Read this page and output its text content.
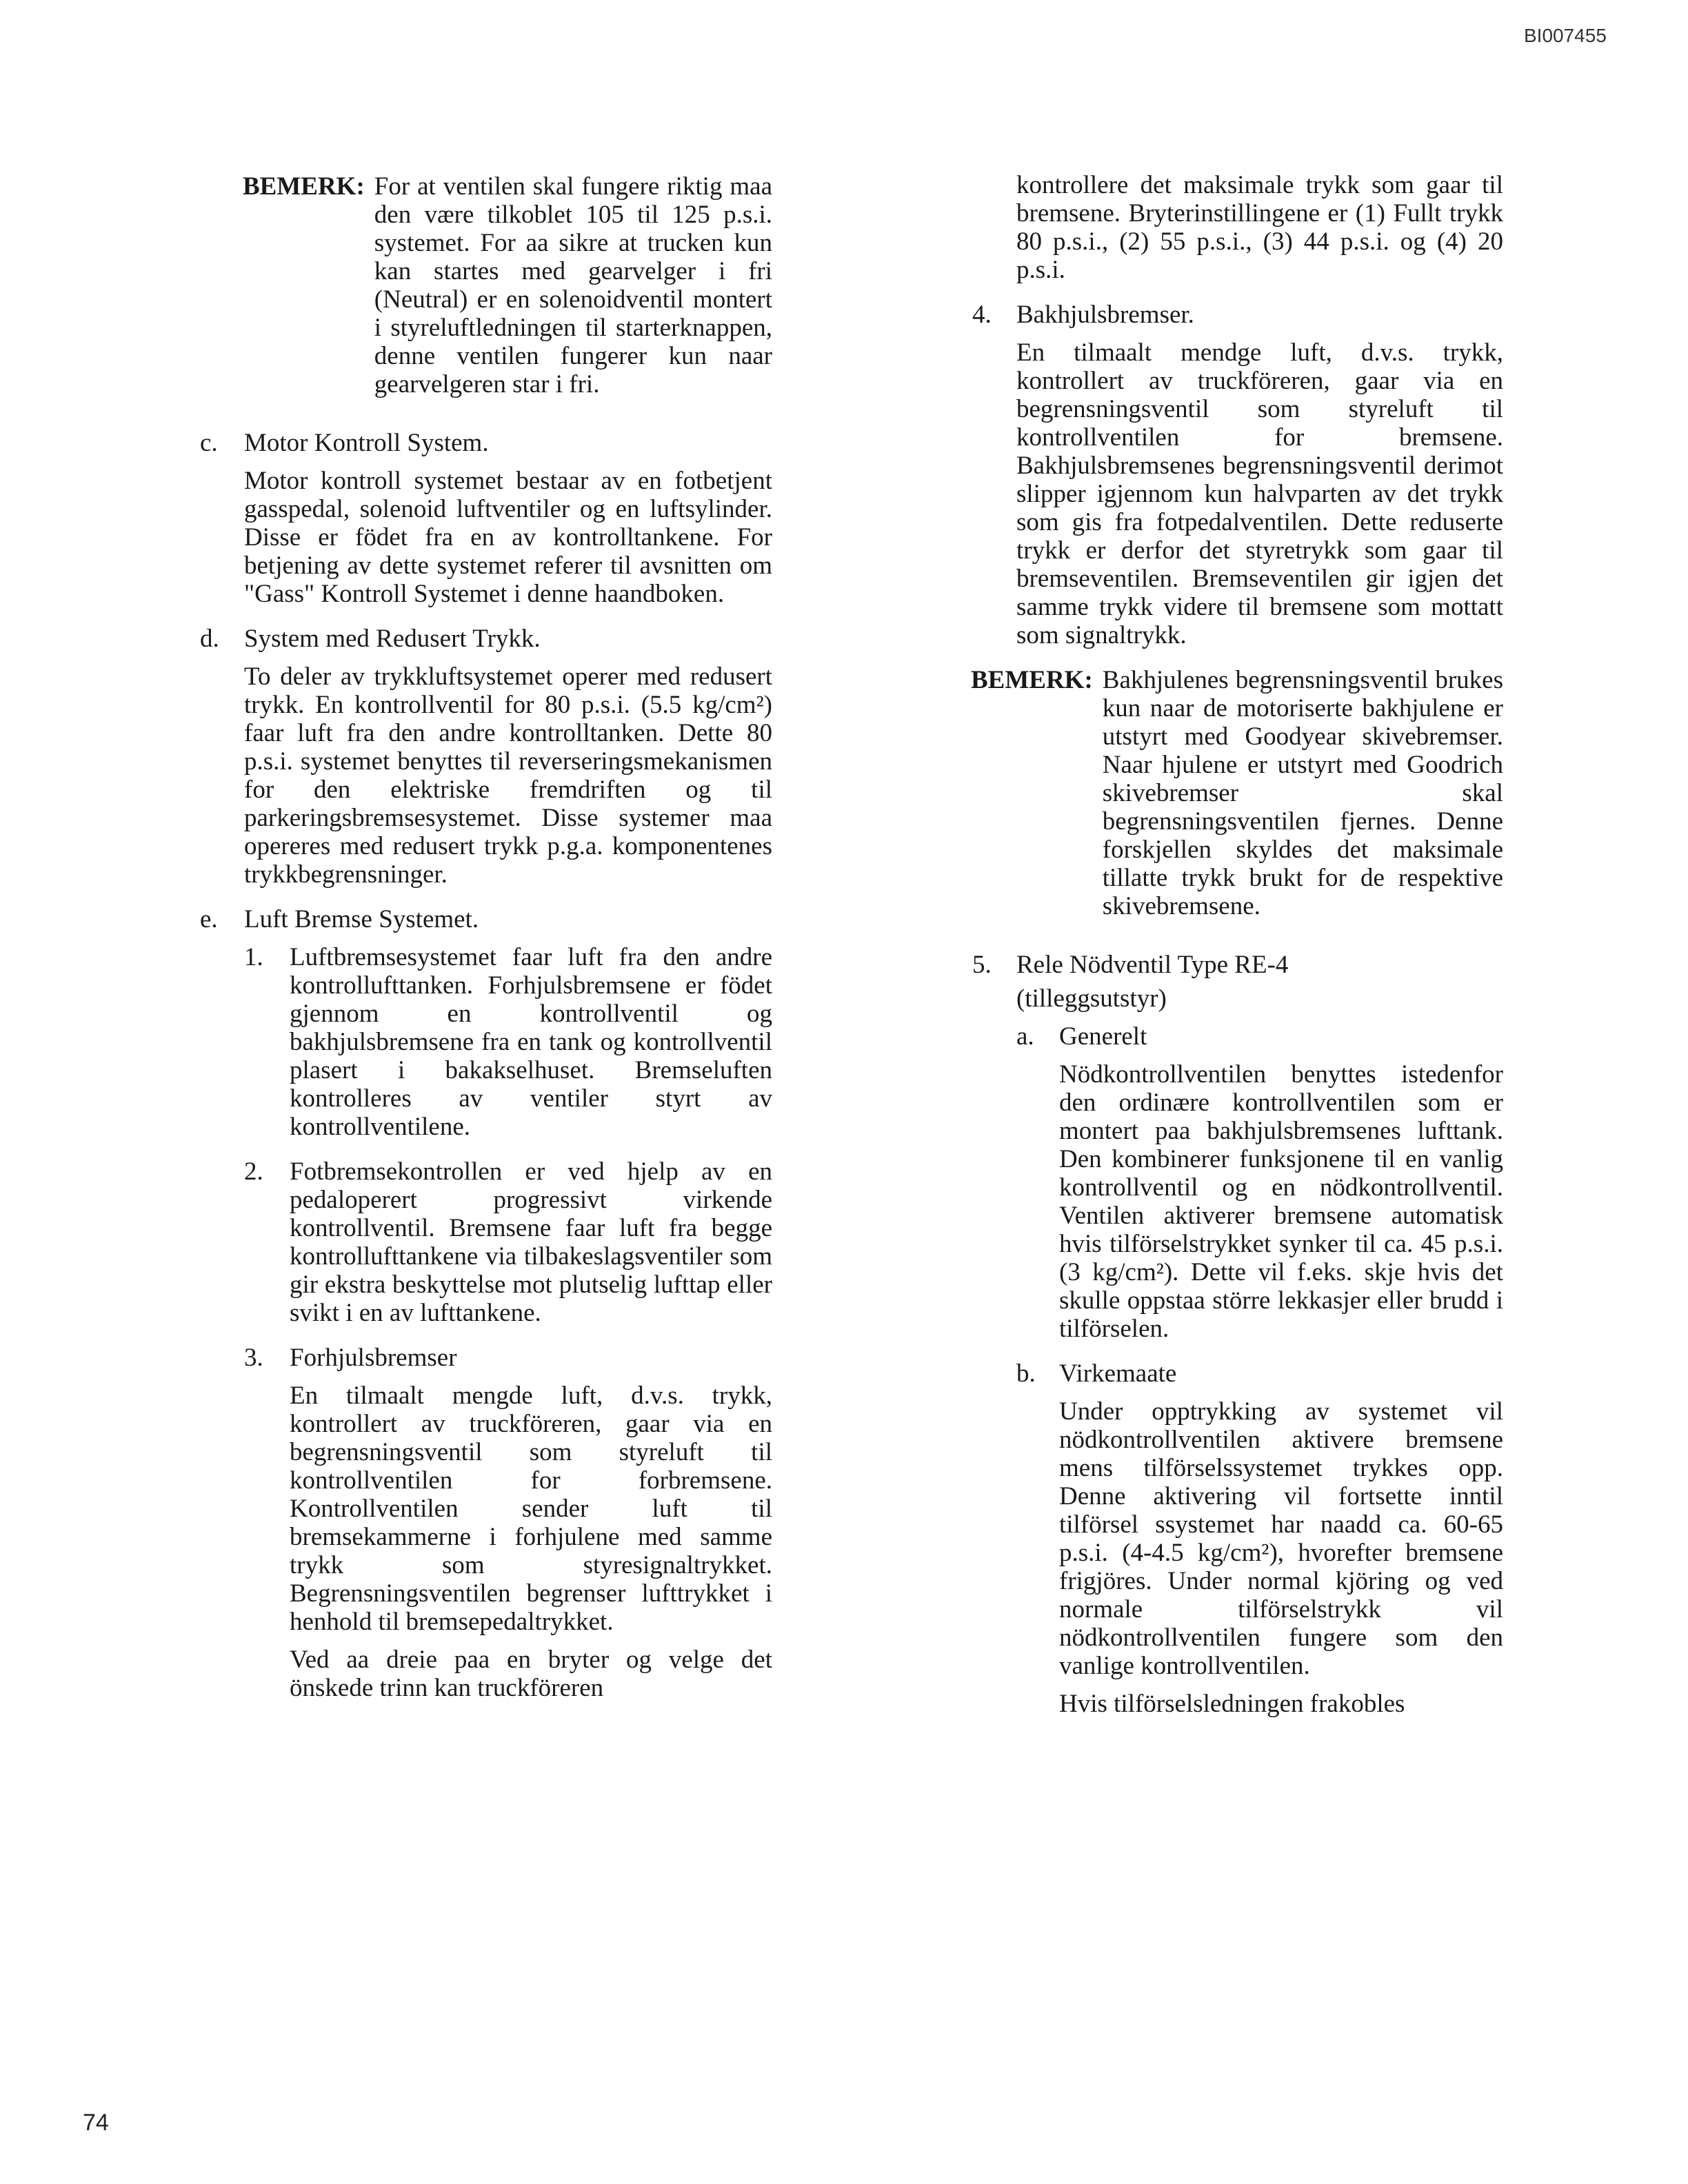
BI007455
BEMERK: For at ventilen skal fungere riktig maa den være tilkoblet 105 til 125 p.s.i. systemet. For aa sikre at trucken kun kan startes med gearvelger i fri (Neutral) er en solenoidventil montert i styreluftledningen til starterknappen, denne ventilen fungerer kun naar gearvelgeren star i fri.

c.	Motor Kontroll System.

Motor kontroll systemet bestaar av en fotbetjent gasspedal, solenoid luftventiler og en luftsylinder. Disse er födet fra en av kontrolltankene. For betjening av dette systemet referer til avsnitten om "Gass" Kontroll Systemet i denne haandboken.

d. System med Redusert Trykk.

To deler av trykkluftsystemet operer med redusert trykk. En kontrollventil for 80 p.s.i. (5.5 kg/cm²) faar luft fra den andre kontrolltanken. Dette 80 p.s.i. systemet benyttes til reverseringsmekanismen for den elektriske fremdriften og til parkeringsbremsesystemet. Disse systemer maa opereres med redusert trykk p.g.a. komponentenes trykkbegrensninger.

e.	Luft Bremse Systemet.
1.	Luftbremsesystemet faar luft fra den andre kontrollufttanken. Forhjulsbremsene er födet gjennom en kontrollventil og bakhjulsbremsene fra en tank og kontrollventil plasert i bakakselhuset. Bremseluften kontrolleres av ventiler styrt av kontrollventilene.

2.	Fotbremsekontrollen er ved hjelp av en pedaloperert progressivt virkende kontrollventil. Bremsene faar luft fra begge kontrollufttankene via tilbakeslagsventiler som gir ekstra beskyttelse mot plutselig lufttap eller svikt i en av lufttankene.

3.	Forhjulsbremser

En tilmaalt mengde luft, d.v.s. trykk, kontrollert av truckföreren, gaar via en begrensningsventil som styreluft til kontrollventilen for forbremsene. Kontrollventilen sender luft til bremsekammerne i forhjulene med samme trykk som styresignaltrykket. Begrensningsventilen begrenser lufttrykket i henhold til bremsepedaltrykket.

Ved aa dreie paa en bryter og velge det önskede trinn kan truckföreren

kontrollere det maksimale trykk som gaar til bremsene. Bryterinstillingene er (1) Fullt trykk 80 p.s.i., (2) 55 p.s.i., (3) 44 p.s.i. og (4) 20 p.s.i.

4. Bakhjulsbremser.

En tilmaalt mendge luft, d.v.s. trykk, kontrollert av truckföreren, gaar via en begrensningsventil som styreluft til kontrollventilen for bremsene. Bakhjulsbremsenes begrensningsventil derimot slipper igjennom kun halvparten av det trykk som gis fra fotpedalventilen. Dette reduserte trykk er derfor det styretrykk som gaar til bremseventilen. Bremseventilen gir igjen det samme trykk videre til bremsene som mottatt som signaltrykk.

BEMERK: Bakhjulenes begrensningsventil brukes kun naar de motoriserte bakhjulene er utstyrt med Goodyear skivebremser. Naar hjulene er utstyrt med Goodrich skivebremser skal begrensningsventilen fjernes. Denne forskjellen skyldes det maksimale tillatte trykk brukt for de respektive skivebremsene.

5. Rele Nödventil Type RE-4
(tilleggsutstyr)
a. Generelt

Nödkontrollventilen benyttes istedenfor den ordinære kontrollventilen som er montert paa bakhjulsbremsenes lufttank. Den kombinerer funksjonene til en vanlig kontrollventil og en nödkontrollventil. Ventilen aktiverer bremsene automatisk hvis tilförselstrykket synker til ca. 45 p.s.i. (3 kg/cm²). Dette vil f.eks. skje hvis det skulle oppstaa större lekkasjer eller brudd i tilförselen.

b. Virkemaate

Under opptrykking av systemet vil nödkontrollventilen aktivere bremsene mens tilförselssystemet trykkes opp. Denne aktivering vil fortsette inntil tilförsel ssystemet har naadd ca. 60-65 p.s.i. (4-4.5 kg/cm²), hvorefter bremsene frigjöres. Under normal kjöring og ved normale tilförselstrykk vil nödkontrollventilen fungere som den vanlige kontrollventilen.

Hvis tilförselsledningen frakobles

74
